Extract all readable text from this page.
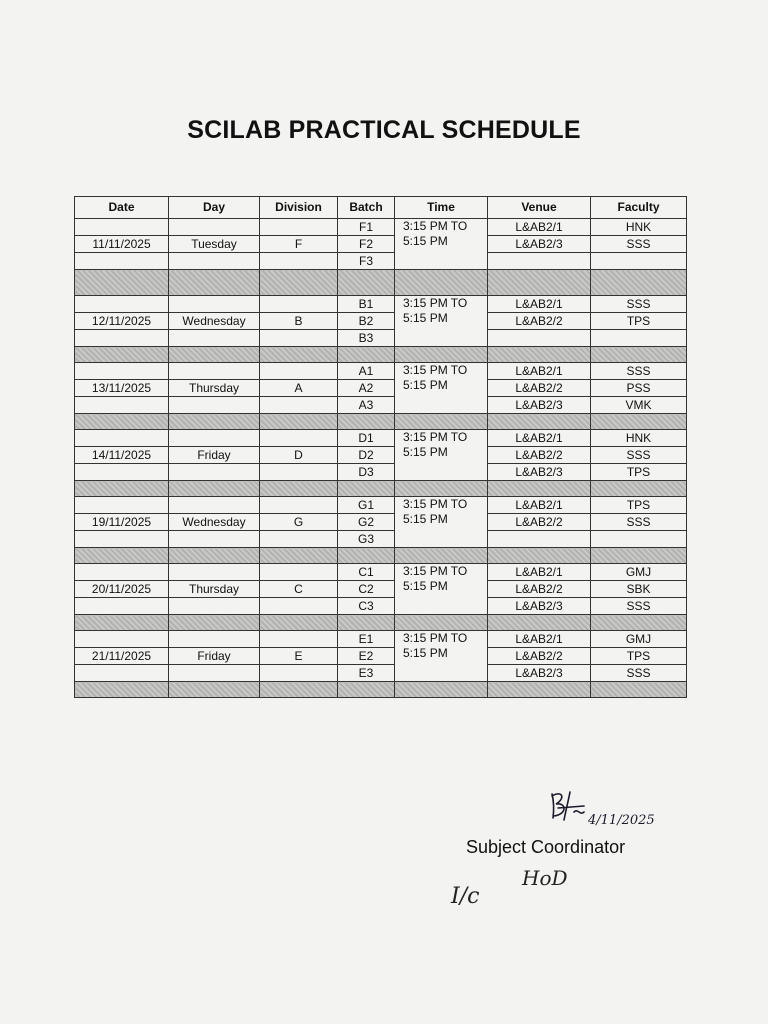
SCILAB PRACTICAL SCHEDULE
Date	Day	Division	Batch	Time	Venue	Faculty
			F1	3:15 PM TO
5:15 PM	L&AB2/1	HNK
11/11/2025	Tuesday	F	F2		L&AB2/3	SSS
			F3			

			B1	3:15 PM TO
5:15 PM	L&AB2/1	SSS
12/11/2025	Wednesday	B	B2		L&AB2/2	TPS
			B3			

			A1	3:15 PM TO
5:15 PM	L&AB2/1	SSS
13/11/2025	Thursday	A	A2		L&AB2/2	PSS
			A3		L&AB2/3	VMK

			D1	3:15 PM TO
5:15 PM	L&AB2/1	HNK
14/11/2025	Friday	D	D2		L&AB2/2	SSS
			D3		L&AB2/3	TPS

			G1	3:15 PM TO
5:15 PM	L&AB2/1	TPS
19/11/2025	Wednesday	G	G2		L&AB2/2	SSS
			G3			

			C1	3:15 PM TO
5:15 PM	L&AB2/1	GMJ
20/11/2025	Thursday	C	C2		L&AB2/2	SBK
			C3		L&AB2/3	SSS

			E1	3:15 PM TO
5:15 PM	L&AB2/1	GMJ
21/11/2025	Friday	E	E2		L&AB2/2	TPS
			E3		L&AB2/3	SSS

4/11/2025
Subject Coordinator
I/c
HoD
